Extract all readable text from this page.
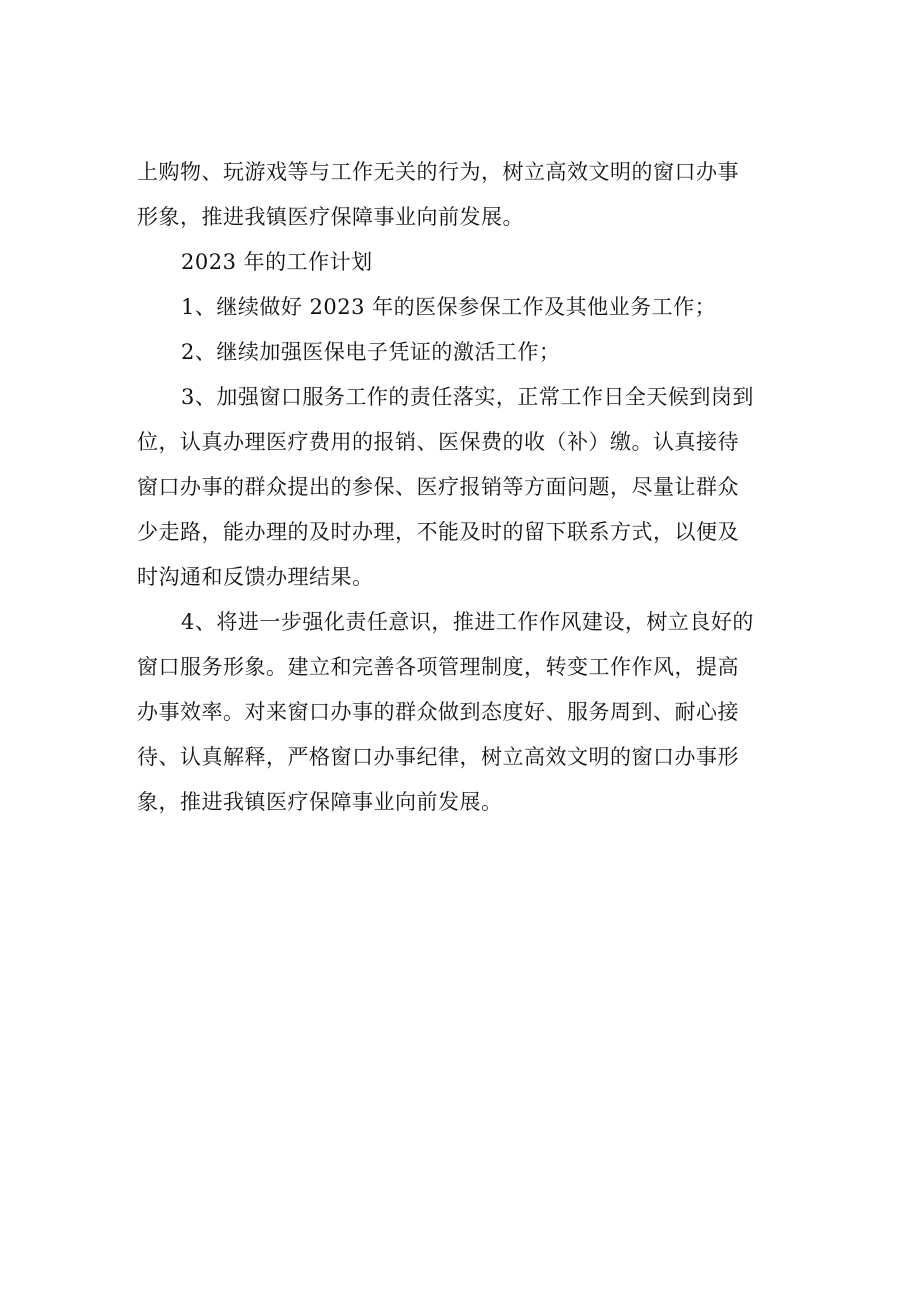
上购物、玩游戏等与工作无关的行为，树立高效文明的窗口办事
形象，推进我镇医疗保障事业向前发展。

2023 年的工作计划

1、继续做好 2023 年的医保参保工作及其他业务工作；

2、继续加强医保电子凭证的激活工作；

3、加强窗口服务工作的责任落实，正常工作日全天候到岗到
位，认真办理医疗费用的报销、医保费的收（补）缴。认真接待
窗口办事的群众提出的参保、医疗报销等方面问题，尽量让群众
少走路，能办理的及时办理，不能及时的留下联系方式，以便及
时沟通和反馈办理结果。

4、将进一步强化责任意识，推进工作作风建设，树立良好的
窗口服务形象。建立和完善各项管理制度，转变工作作风，提高
办事效率。对来窗口办事的群众做到态度好、服务周到、耐心接
待、认真解释，严格窗口办事纪律，树立高效文明的窗口办事形
象，推进我镇医疗保障事业向前发展。
